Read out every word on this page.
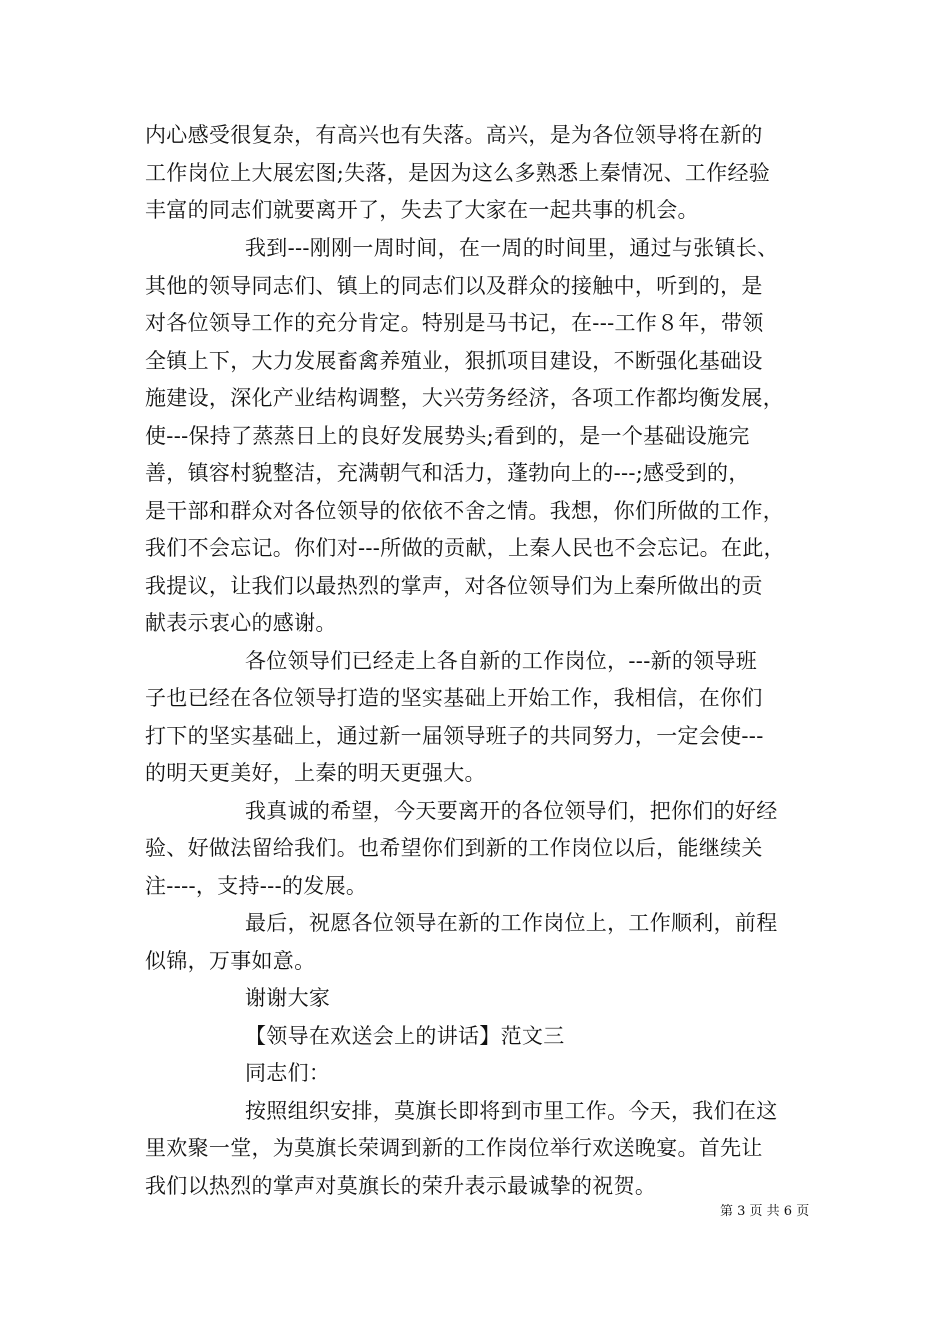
内心感受很复杂，有高兴也有失落。高兴，是为各位领导将在新的
工作岗位上大展宏图;失落，是因为这么多熟悉上秦情况、工作经验
丰富的同志们就要离开了，失去了大家在一起共事的机会。
我到---刚刚一周时间，在一周的时间里，通过与张镇长、
其他的领导同志们、镇上的同志们以及群众的接触中，听到的，是
对各位领导工作的充分肯定。特别是马书记，在---工作８年，带领
全镇上下，大力发展畜禽养殖业，狠抓项目建设，不断强化基础设
施建设，深化产业结构调整，大兴劳务经济，各项工作都均衡发展，
使---保持了蒸蒸日上的良好发展势头;看到的，是一个基础设施完
善，镇容村貌整洁，充满朝气和活力，蓬勃向上的---;感受到的，
是干部和群众对各位领导的依依不舍之情。我想，你们所做的工作，
我们不会忘记。你们对---所做的贡献，上秦人民也不会忘记。在此，
我提议，让我们以最热烈的掌声，对各位领导们为上秦所做出的贡
献表示衷心的感谢。
各位领导们已经走上各自新的工作岗位，---新的领导班
子也已经在各位领导打造的坚实基础上开始工作，我相信，在你们
打下的坚实基础上，通过新一届领导班子的共同努力，一定会使---
的明天更美好，上秦的明天更强大。
我真诚的希望，今天要离开的各位领导们，把你们的好经
验、好做法留给我们。也希望你们到新的工作岗位以后，能继续关
注----，支持---的发展。
最后，祝愿各位领导在新的工作岗位上，工作顺利，前程
似锦，万事如意。
谢谢大家
【领导在欢送会上的讲话】范文三
同志们：
按照组织安排，莫旗长即将到市里工作。今天，我们在这
里欢聚一堂，为莫旗长荣调到新的工作岗位举行欢送晚宴。首先让
我们以热烈的掌声对莫旗长的荣升表示最诚挚的祝贺。
第 3 页 共 6 页
